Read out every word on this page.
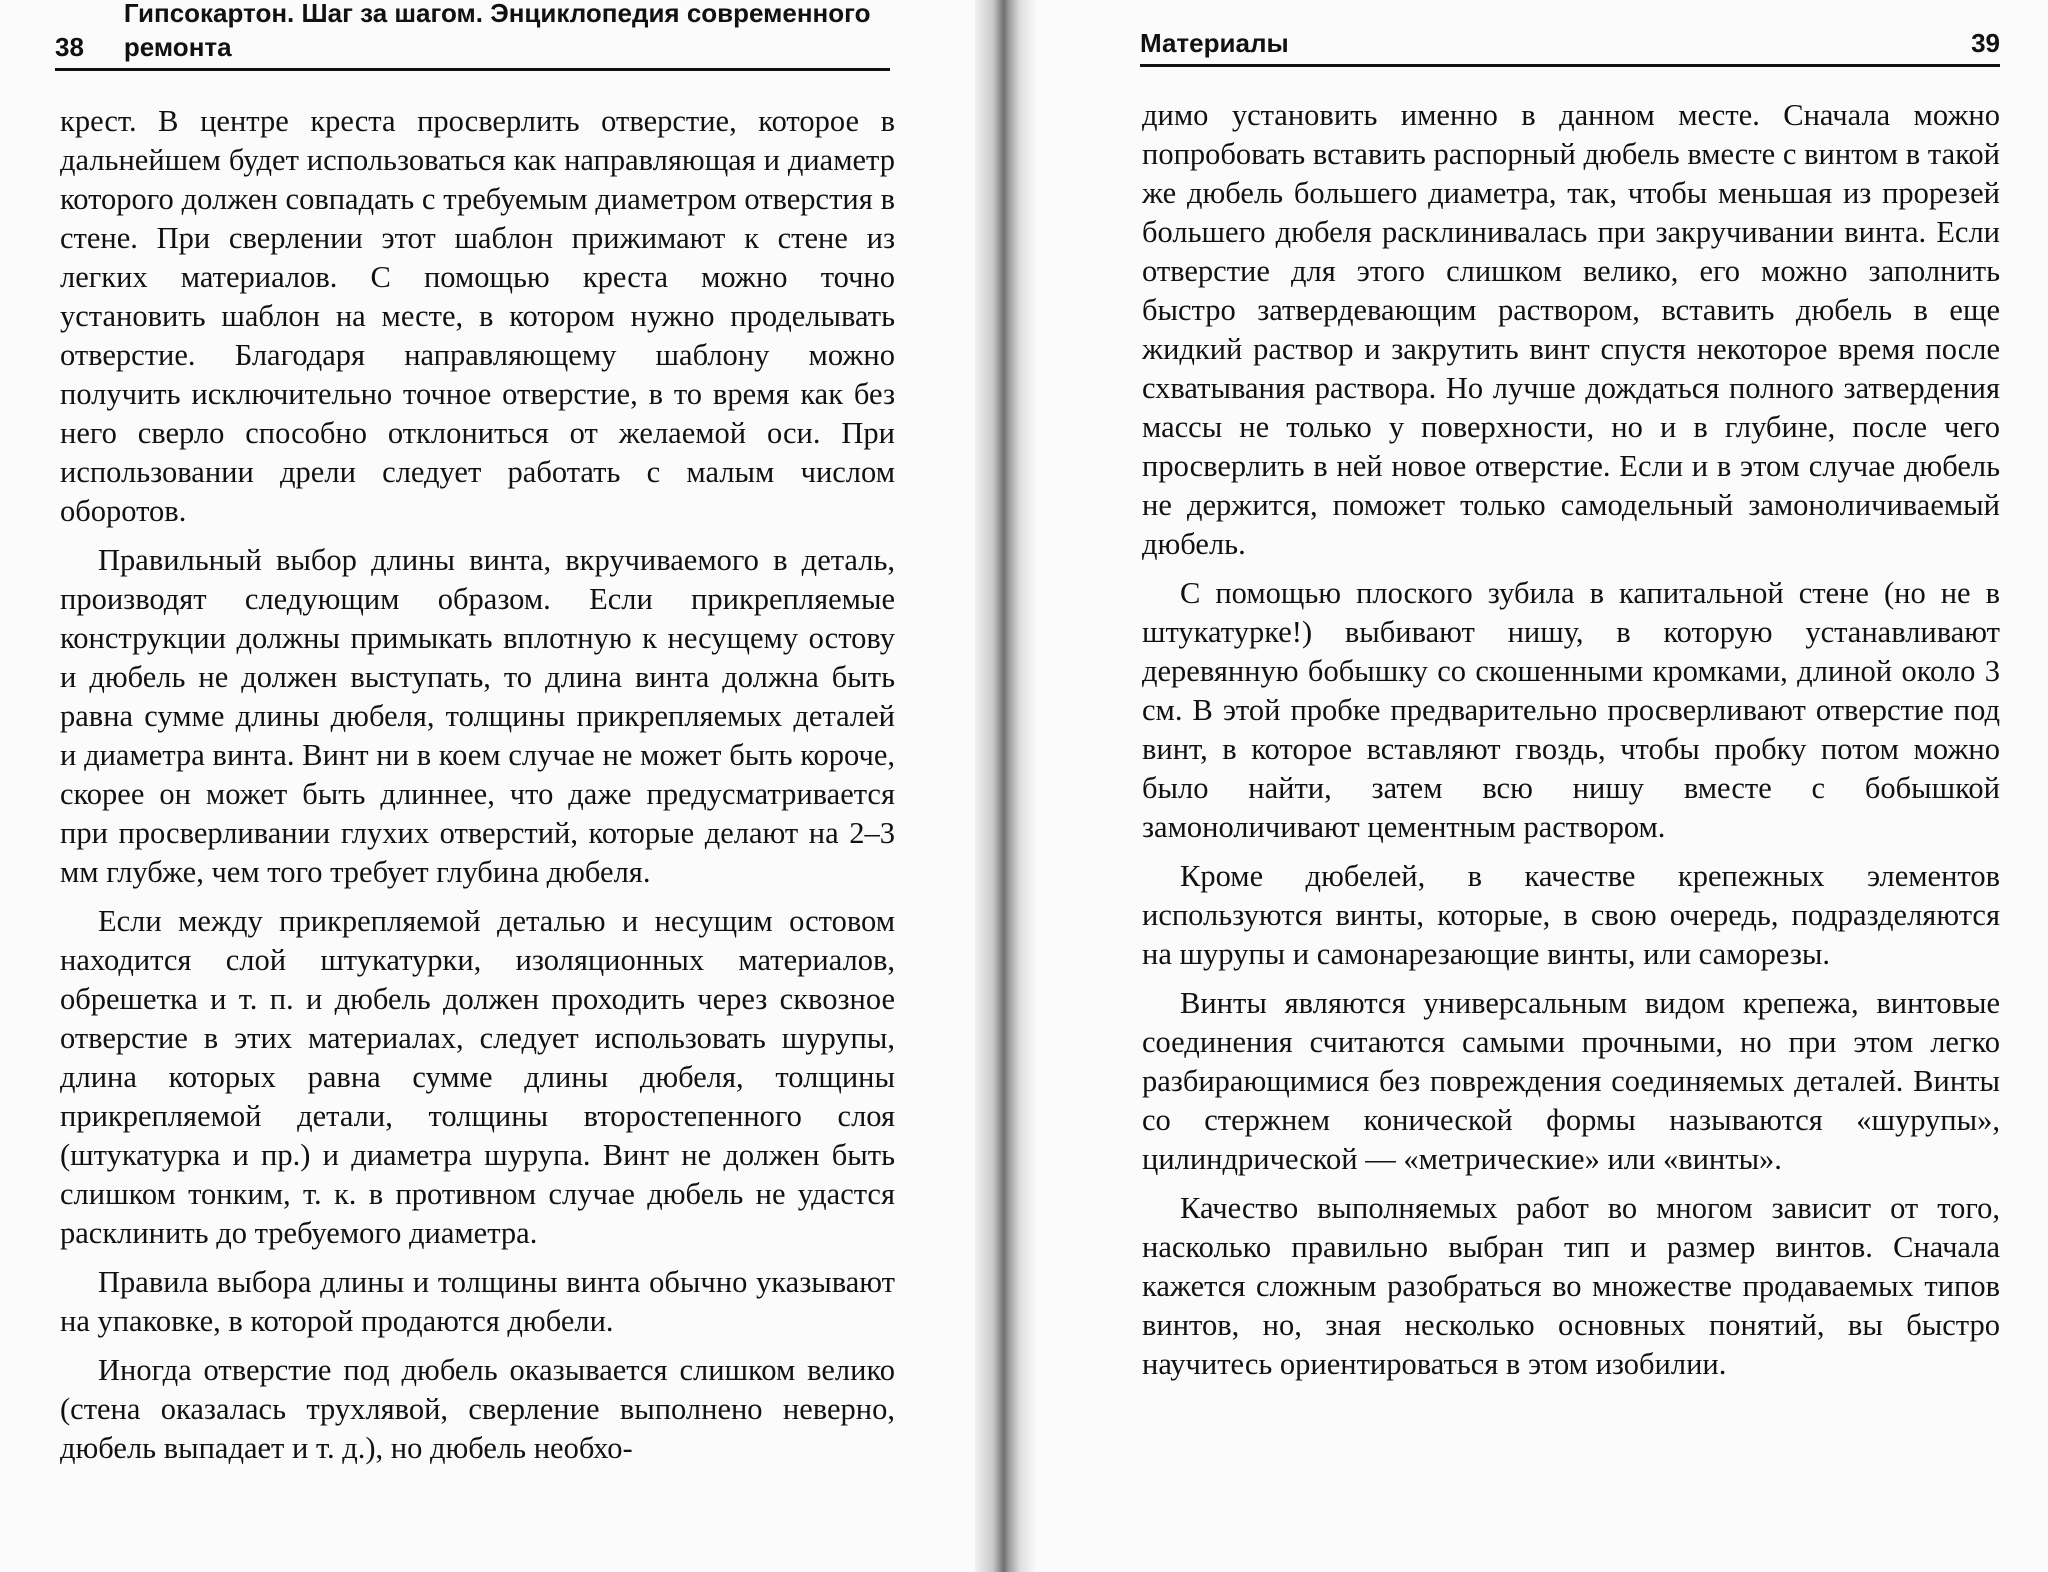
38
Гипсокартон. Шаг за шагом. Энциклопедия современного ремонта

крест. В центре креста просверлить отверстие, которое в дальнейшем будет использоваться как направляющая и диаметр которого должен совпадать с требуемым диаметром отверстия в стене. При сверлении этот шаблон прижимают к стене из легких материалов. С помощью креста можно точно установить шаблон на месте, в котором нужно проделывать отверстие. Благодаря направляющему шаблону можно получить исключительно точное отверстие, в то время как без него сверло способно отклониться от желаемой оси. При использовании дрели следует работать с малым числом оборотов.

Правильный выбор длины винта, вкручиваемого в деталь, производят следующим образом. Если прикрепляемые конструкции должны примыкать вплотную к несущему остову и дюбель не должен выступать, то длина винта должна быть равна сумме длины дюбеля, толщины прикрепляемых деталей и диаметра винта. Винт ни в коем случае не может быть короче, скорее он может быть длиннее, что даже предусматривается при просверливании глухих отверстий, которые делают на 2–3 мм глубже, чем того требует глубина дюбеля.

Если между прикрепляемой деталью и несущим остовом находится слой штукатурки, изоляционных материалов, обрешетка и т. п. и дюбель должен проходить через сквозное отверстие в этих материалах, следует использовать шурупы, длина которых равна сумме длины дюбеля, толщины прикрепляемой детали, толщины второстепенного слоя (штукатурка и пр.) и диаметра шурупа. Винт не должен быть слишком тонким, т. к. в противном случае дюбель не удастся расклинить до требуемого диаметра.

Правила выбора длины и толщины винта обычно указывают на упаковке, в которой продаются дюбели.

Иногда отверстие под дюбель оказывается слишком велико (стена оказалась трухлявой, сверление выполнено неверно, дюбель выпадает и т. д.), но дюбель необхо-

Материалы	39

димо установить именно в данном месте. Сначала можно попробовать вставить распорный дюбель вместе с винтом в такой же дюбель большего диаметра, так, чтобы меньшая из прорезей большего дюбеля расклинивалась при закручивании винта. Если отверстие для этого слишком велико, его можно заполнить быстро затвердевающим раствором, вставить дюбель в еще жидкий раствор и закрутить винт спустя некоторое время после схватывания раствора. Но лучше дождаться полного затвердения массы не только у поверхности, но и в глубине, после чего просверлить в ней новое отверстие. Если и в этом случае дюбель не держится, поможет только самодельный замоноличиваемый дюбель.

С помощью плоского зубила в капитальной стене (но не в штукатурке!) выбивают нишу, в которую устанавливают деревянную бобышку со скошенными кромками, длиной около 3 см. В этой пробке предварительно просверливают отверстие под винт, в которое вставляют гвоздь, чтобы пробку потом можно было найти, затем всю нишу вместе с бобышкой замоноличивают цементным раствором.

Кроме дюбелей, в качестве крепежных элементов используются винты, которые, в свою очередь, подразделяются на шурупы и самонарезающие винты, или саморезы.

Винты являются универсальным видом крепежа, винтовые соединения считаются самыми прочными, но при этом легко разбирающимися без повреждения соединяемых деталей. Винты со стержнем конической формы называются «шурупы», цилиндрической — «метрические» или «винты».

Качество выполняемых работ во многом зависит от того, насколько правильно выбран тип и размер винтов. Сначала кажется сложным разобраться во множестве продаваемых типов винтов, но, зная несколько основных понятий, вы быстро научитесь ориентироваться в этом изобилии.
